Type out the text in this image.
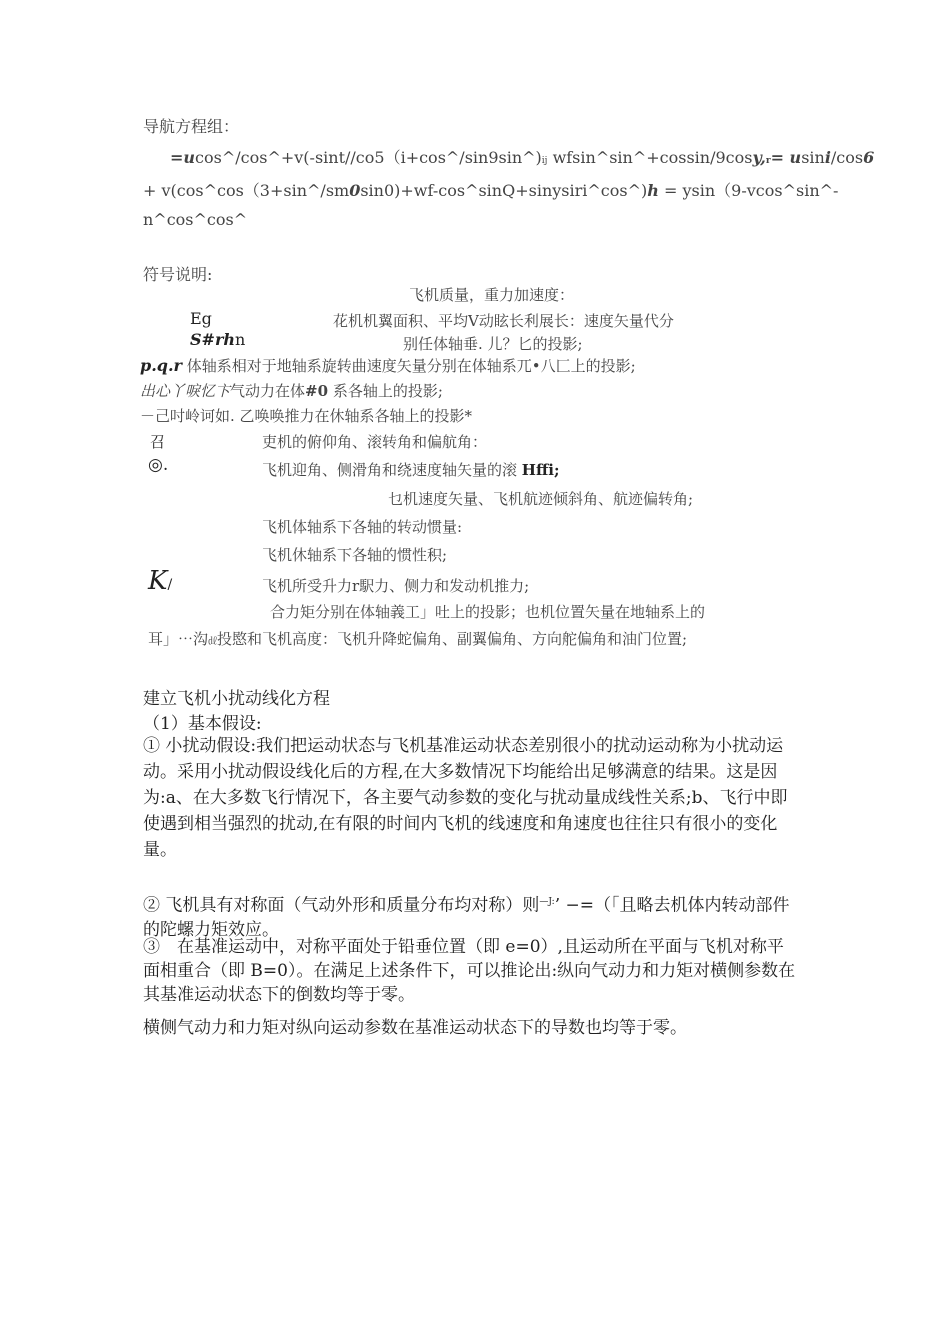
导航方程组：
=ucos^/cos^+v(-sint//co5（i+cos^/sin9sin^)ij wfsin^sin^+cossin/9cosy,r= usini/cos6
+ v(cos^cos（3+sin^/sm0sin0)+wf-cos^sinQ+sinysiri^cos^)h = ysin（9-vcos^sin^-
n^cos^cos^
符号说明:
飞机质量，重力加速度：
Eg	花机机翼面积、平均Ⅴ动眩长利展长：速度矢量代分
S#rhn	别任体轴垂. 儿？匕的投影;
p.q.r 体轴系相对于地轴系旋转曲速度矢量分别在体轴系兀•八匚上的投影;
出心丫唳忆卞气动力在体#0 系各轴上的投影;
－己吋岭诃如. 乙唤唤推力在休轴系各轴上的投影*
召	吏机的俯仰角、滚转角和偏航角：
◎.	飞机迎角、侧滑角和绕速度轴矢量的滚 Hffi;
乜机速度矢量、飞机航迹倾斜角、航迹偏转角;
飞机体轴系下各轴的转动惯量:
飞机休轴系下各轴的惯性积;
K/	飞机所受升力r駅力、侧力和发动机推力;
合力矩分别在体轴義工」吐上的投影；也机位置矢量在地轴系上的
耳」⋯沟㎗投愍和飞机高度：飞机升降蛇偏角、副翼偏角、方向舵偏角和油门位置;
建立飞机小扰动线化方程
（1）基本假设:
① 小扰动假设:我们把运动状态与飞机基准运动状态差别很小的扰动运动称为小扰动运动。采用小扰动假设线化后的方程,在大多数情况下均能给出足够满意的结果。这是因为:a、在大多数飞行情况下，各主要气动参数的变化与扰动量成线性关系;b、飞行中即使遇到相当强烈的扰动,在有限的时间内飞机的线速度和角速度也往往只有很小的变化量。
② 飞机具有对称面（气动外形和质量分布均对称）则$^{—J:}$’ −=（「且略去机体内转动部件的陀螺力矩效应。
③　在基准运动中，对称平面处于铅垂位置（即 e=0）,且运动所在平面与飞机对称平面相重合（即 B=0）。在满足上述条件下，可以推论出:纵向气动力和力矩对横侧参数在其基准运动状态下的倒数均等于零。
横侧气动力和力矩对纵向运动参数在基准运动状态下的导数也均等于零。
